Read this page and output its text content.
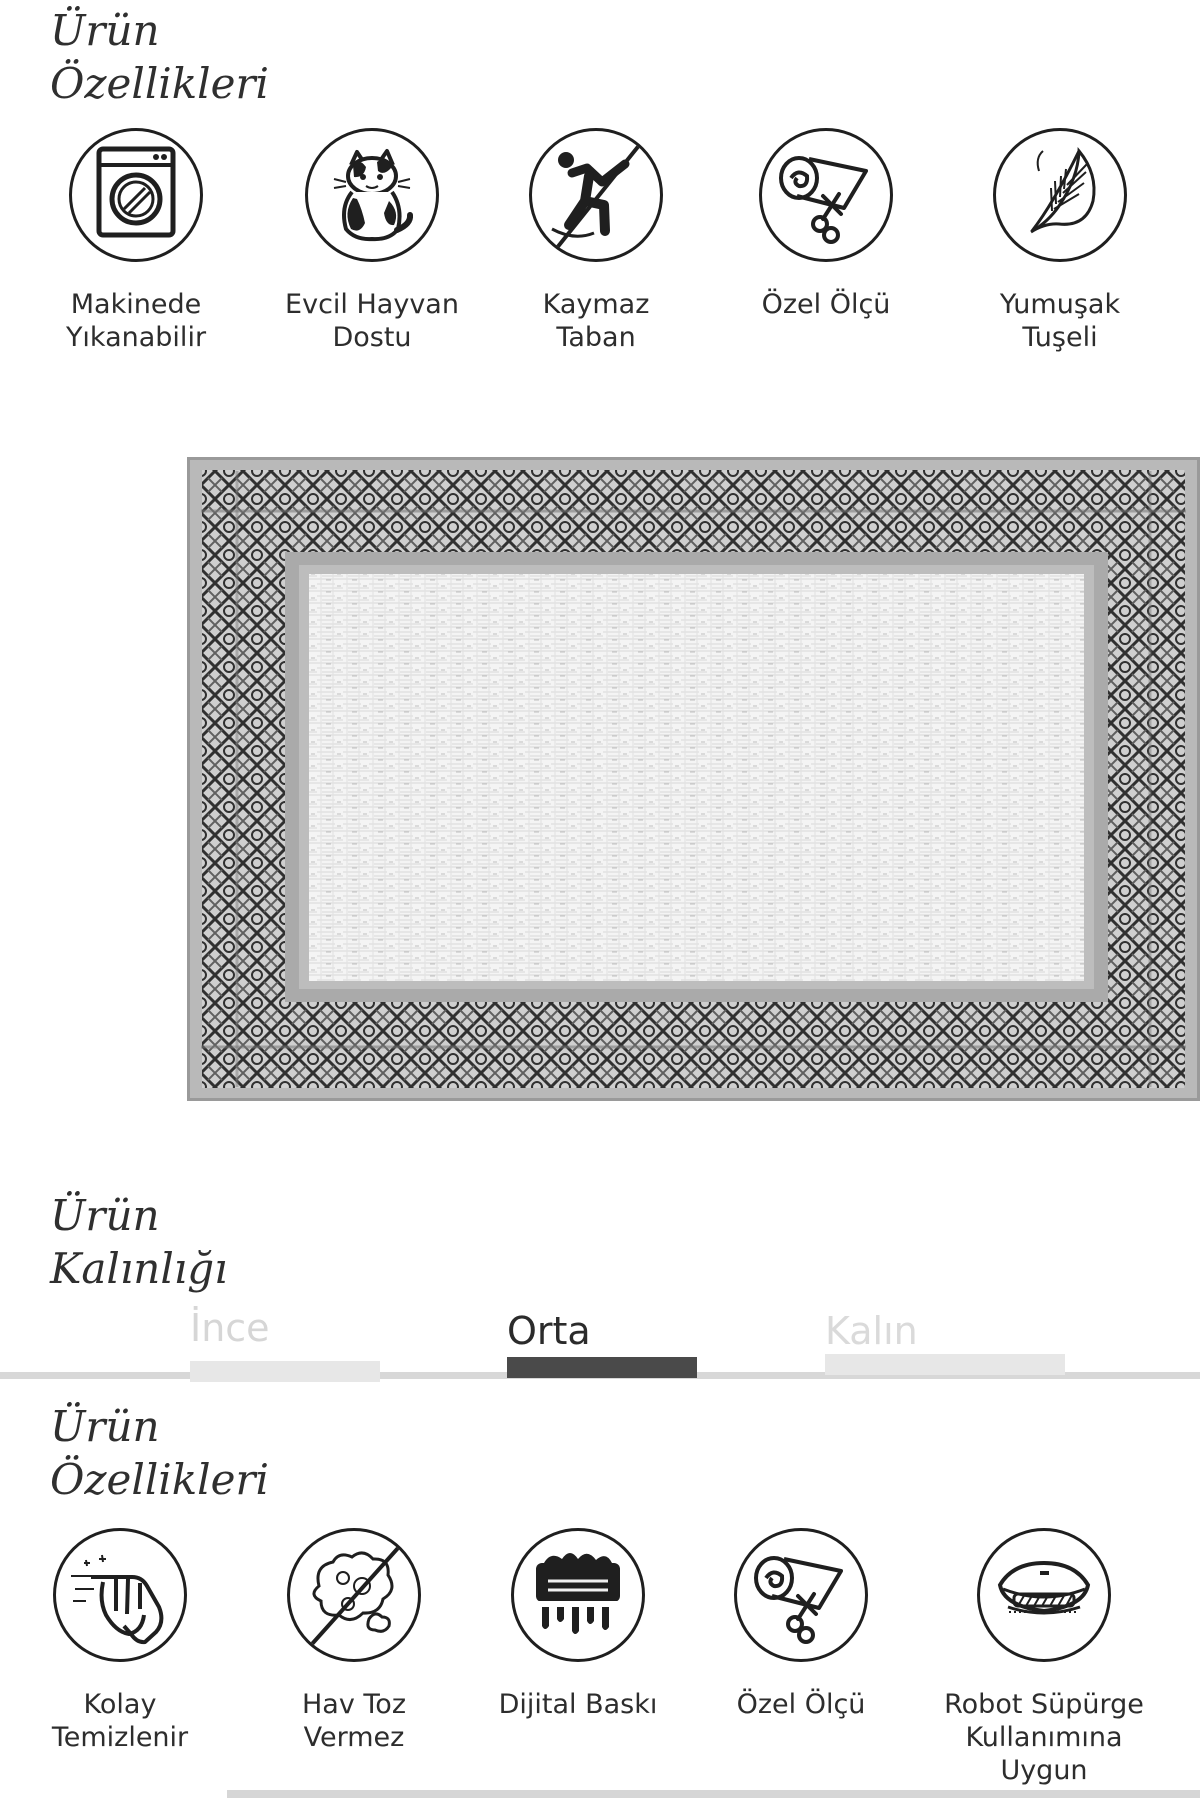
Ürün
Özellikleri
Makinede
Yıkanabilir
Evcil Hayvan
Dostu
Kaymaz
Taban
Özel Ölçü	Yumuşak
Tuşeli
Ürün
Kalınlığı
İnce	Orta	Kalın
Ürün
Özellikleri
Kolay
Temizlenir
Hav Toz
Vermez
Dijital Baskı	Özel Ölçü	Robot Süpürge
Kullanımına Uygun
